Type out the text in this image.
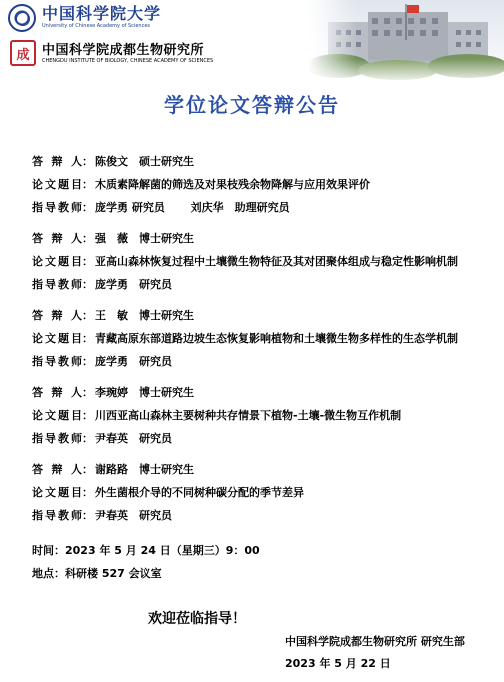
中国科学院大学
University of Chinese Academy of Sciences
成 中国科学院成都生物研究所
CHENGDU INSTITUTE OF BIOLOGY, CHINESE ACADEMY OF SCIENCES
学位论文答辩公告
答辩人： 陈俊文　硕士研究生
论文题目： 木质素降解菌的筛选及对果枝残余物降解与应用效果评价
指导教师： 庞学勇 研究员　　 刘庆华　助理研究员
答辩人： 强　薇　博士研究生
论文题目： 亚高山森林恢复过程中土壤微生物特征及其对团聚体组成与稳定性影响机制
指导教师： 庞学勇　研究员
答辩人： 王　敏　博士研究生
论文题目： 青藏高原东部道路边坡生态恢复影响植物和土壤微生物多样性的生态学机制
指导教师： 庞学勇　研究员
答辩人： 李琬婷　博士研究生
论文题目： 川西亚高山森林主要树种共存情景下植物-土壤-微生物互作机制
指导教师： 尹春英　研究员
答辩人： 谢路路　博士研究生
论文题目： 外生菌根介导的不同树种碳分配的季节差异
指导教师： 尹春英　研究员
时间：2023 年 5 月 24 日（星期三）9：00
地点：科研楼 527 会议室
欢迎莅临指导！
中国科学院成都生物研究所 研究生部
2023 年 5 月 22 日
